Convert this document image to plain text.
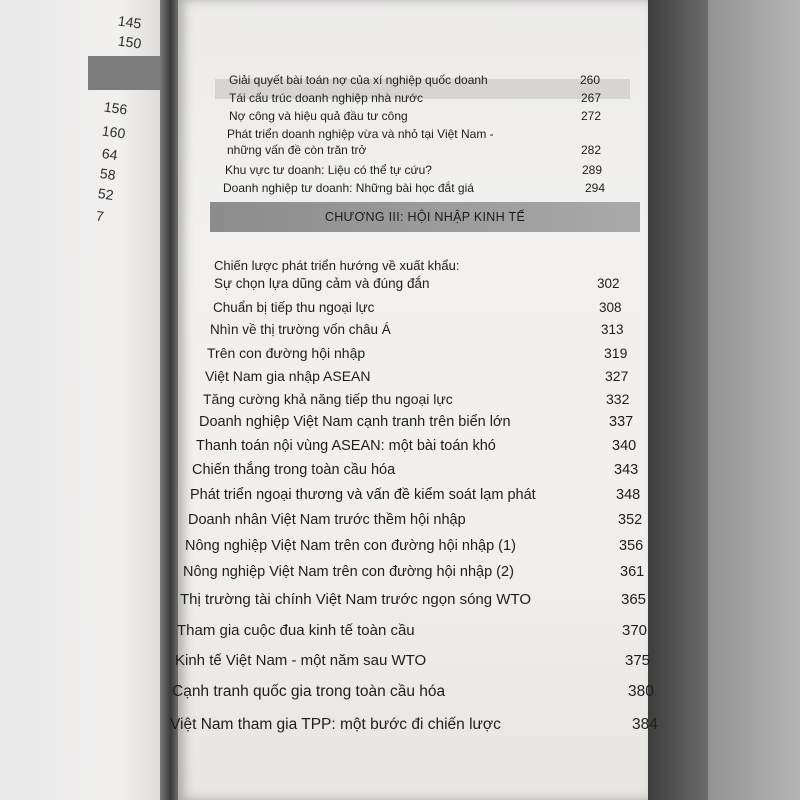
145
150
156
160
64
58
52
7
Giải quyết bài toán nợ của xí nghiệp quốc doanh	260
Tái cấu trúc doanh nghiệp nhà nước	267
Nợ công và hiệu quả đầu tư công	272
Phát triển doanh nghiệp vừa và nhỏ tại Việt Nam -
những vấn đề còn trăn trở	282
Khu vực tư doanh: Liệu có thể tự cứu?	289
Doanh nghiệp tư doanh: Những bài học đắt giá	294
CHƯƠNG III: HỘI NHẬP KINH TẾ
Chiến lược phát triển hướng về xuất khẩu:
Sự chọn lựa dũng cảm và đúng đắn	302
Chuẩn bị tiếp thu ngoại lực	308
Nhìn về thị trường vốn châu Á	313
Trên con đường hội nhập	319
Việt Nam gia nhập ASEAN	327
Tăng cường khả năng tiếp thu ngoại lực	332
Doanh nghiệp Việt Nam cạnh tranh trên biển lớn	337
Thanh toán nội vùng ASEAN: một bài toán khó	340
Chiến thắng trong toàn cầu hóa	343
Phát triển ngoại thương và vấn đề kiểm soát lạm phát	348
Doanh nhân Việt Nam trước thềm hội nhập	352
Nông nghiệp Việt Nam trên con đường hội nhập (1)	356
Nông nghiệp Việt Nam trên con đường hội nhập (2)	361
Thị trường tài chính Việt Nam trước ngọn sóng WTO	365
Tham gia cuộc đua kinh tế toàn cầu	370
Kinh tế Việt Nam - một năm sau WTO	375
Cạnh tranh quốc gia trong toàn cầu hóa	380
Việt Nam tham gia TPP: một bước đi chiến lược	384
